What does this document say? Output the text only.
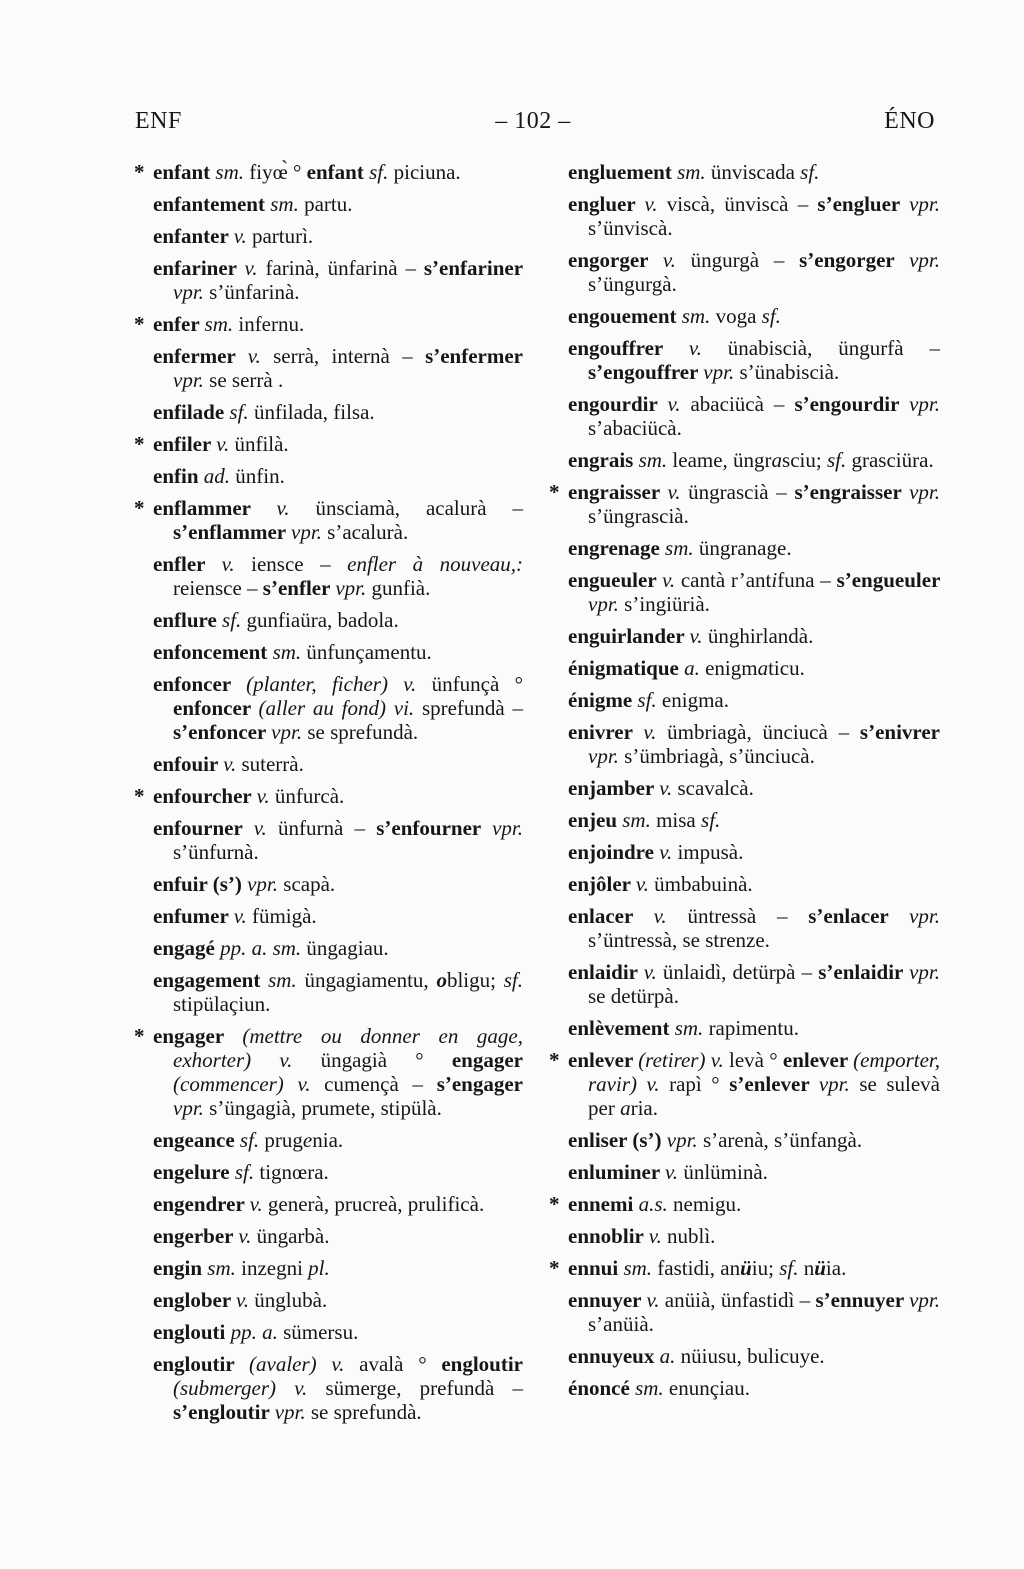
ENF	– 102 –	ÉNO

* enfant sm. fiyœ̀ ° enfant sf. piciuna.

enfantement sm. partu.

enfanter v. parturì.

enfariner v. farinà, ünfarinà – s’enfariner vpr. s’ünfarinà.

* enfer sm. infernu.

enfermer v. serrà, internà – s’enfermer vpr. se serrà .

enfilade sf. ünfilada, filsa.

* enfiler v. ünfilà.

enfin ad. ünfin.

* enflammer v. ünsciamà, acalurà – s’enflammer vpr. s’acalurà.

enfler v. iensce – enfler à nouveau,: reiensce – s’enfler vpr. gunfià.

enflure sf. gunfiaüra, badola.

enfoncement sm. ünfunçamentu.

enfoncer (planter, ficher) v. ünfunçà ° enfoncer (aller au fond) vi. sprefundà – s’enfoncer vpr. se sprefundà.

enfouir v. suterrà.

* enfourcher v. ünfurcà.

enfourner v. ünfurnà – s’enfourner vpr. s’ünfurnà.

enfuir (s’) vpr. scapà.

enfumer v. fümigà.

engagé pp. a. sm. üngagiau.

engagement sm. üngagiamentu, obligu; sf. stipülaçiun.

* engager (mettre ou donner en gage, exhorter) v. üngagià ° engager (commencer) v. cumençà – s’engager vpr. s’üngagià, prumete, stipülà.

engeance sf. prugenia.

engelure sf. tignœra.

engendrer v. generà, prucreà, prulificà.

engerber v. üngarbà.

engin sm. inzegni pl.

englober v. ünglubà.

englouti pp. a. sümersu.

engloutir (avaler) v. avalà ° engloutir (submerger) v. sümerge, prefundà – s’engloutir vpr. se sprefundà.

engluement sm. ünviscada sf.

engluer v. viscà, ünviscà – s’engluer vpr. s’ünviscà.

engorger v. üngurgà – s’engorger vpr. s’üngurgà.

engouement sm. voga sf.

engouffrer v. ünabiscià, üngurfà – s’engouffrer vpr. s’ünabiscià.

engourdir v. abaciücà – s’engourdir vpr. s’abaciücà.

engrais sm. leame, üngrasciu; sf. grasciüra.

* engraisser v. üngrascià – s’engraisser vpr. s’üngrascià.

engrenage sm. üngranage.

engueuler v. cantà r’antifuna – s’engueuler vpr. s’ingiürià.

enguirlander v. ünghirlandà.

énigmatique a. enigmaticu.

énigme sf. enigma.

enivrer v. ümbriagà, ünciucà – s’enivrer vpr. s’ümbriagà, s’ünciucà.

enjamber v. scavalcà.

enjeu sm. misa sf.

enjoindre v. impusà.

enjôler v. ümbabuinà.

enlacer v. üntressà – s’enlacer vpr. s’üntressà, se strenze.

enlaidir v. ünlaidì, detürpà – s’enlaidir vpr. se detürpà.

enlèvement sm. rapimentu.

* enlever (retirer) v. levà ° enlever (emporter, ravir) v. rapì ° s’enlever vpr. se sulevà per aria.

enliser (s’) vpr. s’arenà, s’ünfangà.

enluminer v. ünlüminà.

* ennemi a.s. nemigu.

ennoblir v. nublì.

* ennui sm. fastidi, anüiu; sf. nüia.

ennuyer v. anüià, ünfastidì – s’ennuyer vpr. s’anüià.

ennuyeux a. nüiusu, bulicuye.

énoncé sm. enunçiau.
